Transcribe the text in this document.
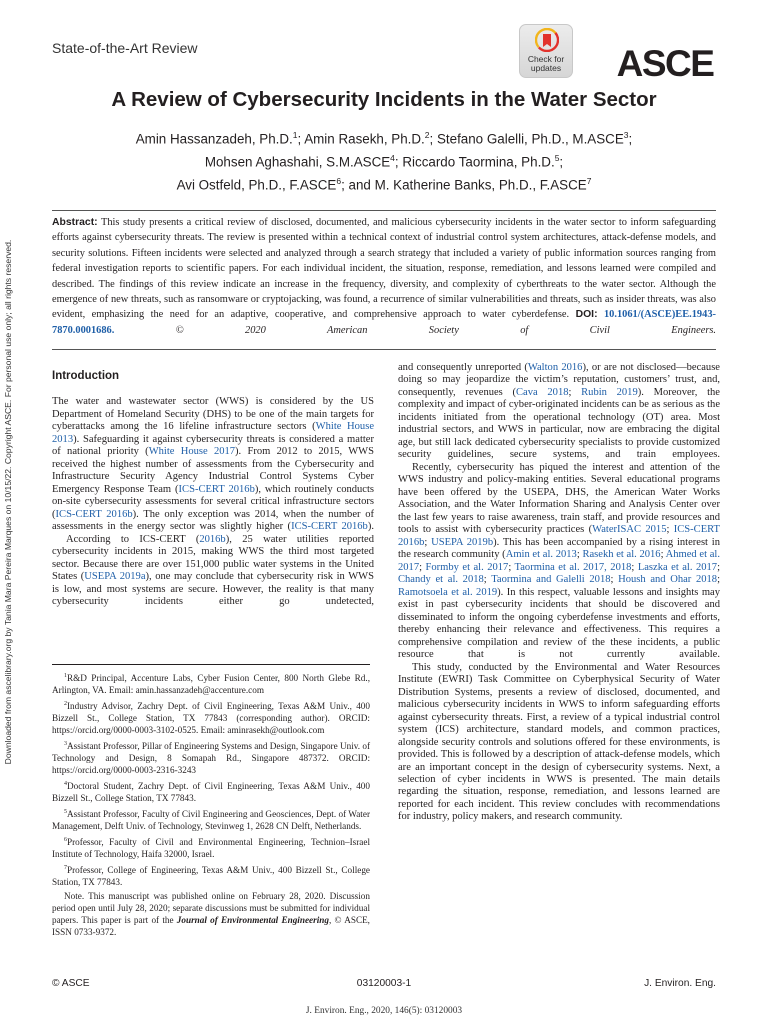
Downloaded from ascelibrary.org by Tania Mara Pereira Marques on 10/15/22. Copyright ASCE. For personal use only; all rights reserved.
State-of-the-Art Review
Check for
updates ASCE
A Review of Cybersecurity Incidents in the Water Sector
Amin Hassanzadeh, Ph.D.$^1$; Amin Rasekh, Ph.D.$^2$; Stefano Galelli, Ph.D., M.ASCE$^3$;
Mohsen Aghashahi, S.M.ASCE$^4$; Riccardo Taormina, Ph.D.$^5$;
Avi Ostfeld, Ph.D., F.ASCE$^6$; and M. Katherine Banks, Ph.D., F.ASCE$^7$
Abstract: This study presents a critical review of disclosed, documented, and malicious cybersecurity incidents in the water sector to inform safeguarding efforts against cybersecurity threats. The review is presented within a technical context of industrial control system architectures, attack-defense models, and security solutions. Fifteen incidents were selected and analyzed through a search strategy that included a variety of public information sources ranging from federal investigation reports to scientific papers. For each individual incident, the situation, response, remediation, and lessons learned were compiled and described. The findings of this review indicate an increase in the frequency, diversity, and complexity of cyberthreats to the water sector. Although the emergence of new threats, such as ransomware or cryptojacking, was found, a recurrence of similar vulnerabilities and threats, such as insider threats, was also evident, emphasizing the need for an adaptive, cooperative, and comprehensive approach to water cyberdefense. DOI: 10.1061/(ASCE)EE.1943-7870.0001686.	© 2020 American Society of Civil Engineers.
Introduction
The water and wastewater sector (WWS) is considered by the US Department of Homeland Security (DHS) to be one of the main targets for cyberattacks among the 16 lifeline infrastructure sectors (White House 2013). Safeguarding it against cybersecurity threats is considered a matter of national priority (White House 2017). From 2012 to 2015, WWS received the highest number of assessments from the Cybersecurity and Infrastructure Security Agency Industrial Control Systems Cyber Emergency Response Team (ICS-CERT 2016b), which routinely conducts on-site cybersecurity assessments for several critical infrastructure sectors (ICS-CERT 2016b). The only exception was 2014, when the number of assessments in the energy sector was slightly higher (ICS-CERT 2016b).
According to ICS-CERT (2016b), 25 water utilities reported cybersecurity incidents in 2015, making WWS the third most targeted sector. Because there are over 151,000 public water systems in the United States (USEPA 2019a), one may conclude that cybersecurity risk in WWS is low, and most systems are secure. However, the reality is that many cybersecurity incidents either go undetected,
$^1$R&D Principal, Accenture Labs, Cyber Fusion Center, 800 North Glebe Rd., Arlington, VA. Email: amin.hassanzadeh@accenture.com
$^2$Industry Advisor, Zachry Dept. of Civil Engineering, Texas A&M Univ., 400 Bizzell St., College Station, TX 77843 (corresponding author). ORCID: https://orcid.org/0000-0003-3102-0525. Email: aminrasekh@outlook.com
$^3$Assistant Professor, Pillar of Engineering Systems and Design, Singapore Univ. of Technology and Design, 8 Somapah Rd., Singapore 487372. ORCID: https://orcid.org/0000-0003-2316-3243
$^4$Doctoral Student, Zachry Dept. of Civil Engineering, Texas A&M Univ., 400 Bizzell St., College Station, TX 77843.
$^5$Assistant Professor, Faculty of Civil Engineering and Geosciences, Dept. of Water Management, Delft Univ. of Technology, Stevinweg 1, 2628 CN Delft, Netherlands.
$^6$Professor, Faculty of Civil and Environmental Engineering, Technion–Israel Institute of Technology, Haifa 32000, Israel.
$^7$Professor, College of Engineering, Texas A&M Univ., 400 Bizzell St., College Station, TX 77843.
Note. This manuscript was published online on February 28, 2020. Discussion period open until July 28, 2020; separate discussions must be submitted for individual papers. This paper is part of the Journal of Environmental Engineering, © ASCE, ISSN 0733-9372.
and consequently unreported (Walton 2016), or are not disclosed—because doing so may jeopardize the victim’s reputation, customers’ trust, and, consequently, revenues (Cava 2018; Rubin 2019). Moreover, the complexity and impact of cyber-originated incidents can be as serious as the incidents initiated from the operational technology (OT) area. Most industrial sectors, and WWS in particular, now are embracing the digital age, but still lack dedicated cybersecurity specialists to provide customized security guidelines, secure systems, and train employees.
Recently, cybersecurity has piqued the interest and attention of the WWS industry and policy-making entities. Several educational programs have been offered by the USEPA, DHS, the American Water Works Association, and the Water Information Sharing and Analysis Center over the last few years to raise awareness, train staff, and provide resources and tools to assist with cybersecurity practices (WaterISAC 2015; ICS-CERT 2016b; USEPA 2019b). This has been accompanied by a rising interest in the research community (Amin et al. 2013; Rasekh et al. 2016; Ahmed et al. 2017; Formby et al. 2017; Taormina et al. 2017, 2018; Laszka et al. 2017; Chandy et al. 2018; Taormina and Galelli 2018; Housh and Ohar 2018; Ramotsoela et al. 2019). In this respect, valuable lessons and insights may exist in past cybersecurity incidents that should be discovered and disseminated to inform the ongoing cyberdefense investments and efforts, thereby enhancing their relevance and effectiveness. This requires a comprehensive compilation and review of the these incidents, a public resource that is not currently available.
This study, conducted by the Environmental and Water Resources Institute (EWRI) Task Committee on Cyberphysical Security of Water Distribution Systems, presents a review of disclosed, documented, and malicious cybersecurity incidents in WWS to inform safeguarding efforts against cybersecurity threats. First, a review of a typical industrial control system (ICS) architecture, standard models, and common practices, alongside security controls and solutions offered for these environments, is provided. This is followed by a description of attack-defense models, which are an important concept in the design of cybersecurity systems. Next, a selection of cyber incidents in WWS is presented. The main details regarding the situation, response, remediation, and lessons learned are reported for each incident. This review concludes with recommendations for industry, policy makers, and research community.
© ASCE	03120003-1	J. Environ. Eng.
J. Environ. Eng., 2020, 146(5): 03120003
